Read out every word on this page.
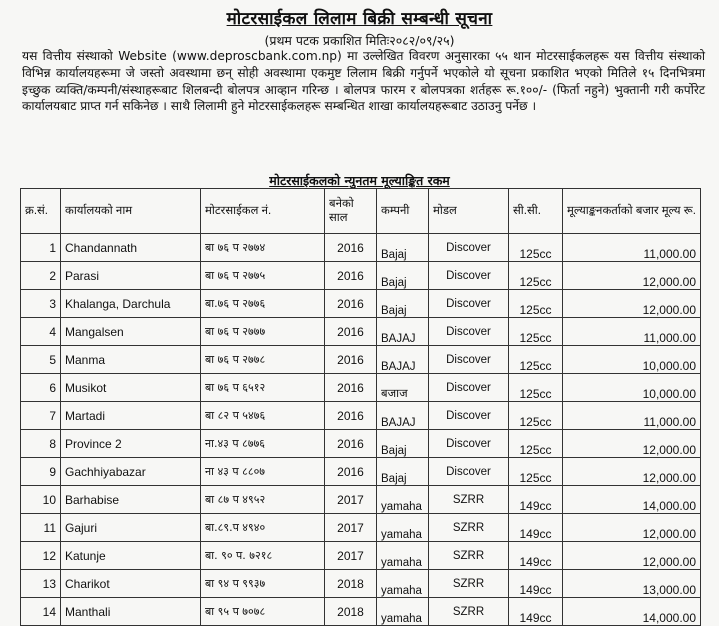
मोटरसाईकल लिलाम बिक्री सम्बन्धी सूचना
(प्रथम पटक प्रकाशित मितिः२०८२/०९/२५)
यस वित्तीय संस्थाको Website (www.deproscbank.com.np) मा उल्लेखित विवरण अनुसारका ५५ थान मोटरसाईकलहरू यस वित्तीय संस्थाको विभिन्न कार्यालयहरूमा जे जस्तो अवस्थामा छन् सोही अवस्थामा एकमुष्ट लिलाम बिक्री गर्नुपर्ने भएकोले यो सूचना प्रकाशित भएको मितिले १५ दिनभित्रमा इच्छुक व्यक्ति/कम्पनी/संस्थाहरूबाट शिलबन्दी बोलपत्र आव्हान गरिन्छ । बोलपत्र फारम र बोलपत्रका शर्तहरू रू.१००/- (फिर्ता नहुने) भुक्तानी गरी कर्पोरेट कार्यालयबाट प्राप्त गर्न सकिनेछ । साथै लिलामी हुने मोटरसाईकलहरू सम्बन्धित शाखा कार्यालयहरूबाट उठाउनु पर्नेछ ।
मोटरसाईकलको न्युनतम मूल्याङ्कित रकम
क्र.सं.	कार्यालयको नाम	मोटरसाईकल नं.	बनेको साल	कम्पनी	मोडल	सी.सी.	मूल्याङ्कनकर्ताको बजार मूल्य रू.
1	Chandannath	बा ७६ प २७७४	2016	Bajaj	Discover	125cc	11,000.00
2	Parasi	बा ७६ प २७७५	2016	Bajaj	Discover	125cc	12,000.00
3	Khalanga, Darchula	बा.७६ प २७७६	2016	Bajaj	Discover	125cc	12,000.00
4	Mangalsen	बा ७६ प २७७७	2016	BAJAJ	Discover	125cc	11,000.00
5	Manma	बा ७६ प २७७८	2016	BAJAJ	Discover	125cc	10,000.00
6	Musikot	बा ७६ प ६५१२	2016	बजाज	Discover	125cc	10,000.00
7	Martadi	बा ८२ प ५४७६	2016	BAJAJ	Discover	125cc	11,000.00
8	Province 2	ना.४३ प ८७७६	2016	Bajaj	Discover	125cc	12,000.00
9	Gachhiyabazar	ना ४३ प ८८०७	2016	Bajaj	Discover	125cc	12,000.00
10	Barhabise	बा ८७ प ४९५२	2017	yamaha	SZRR	149cc	14,000.00
11	Gajuri	बा.८९.प ४९४०	2017	yamaha	SZRR	149cc	12,000.00
12	Katunje	बा. ९० प. ७२१८	2017	yamaha	SZRR	149cc	12,000.00
13	Charikot	बा ९४ प ९९३७	2018	yamaha	SZRR	149cc	13,000.00
14	Manthali	बा ९५ प ७०७८	2018	yamaha	SZRR	149cc	14,000.00
